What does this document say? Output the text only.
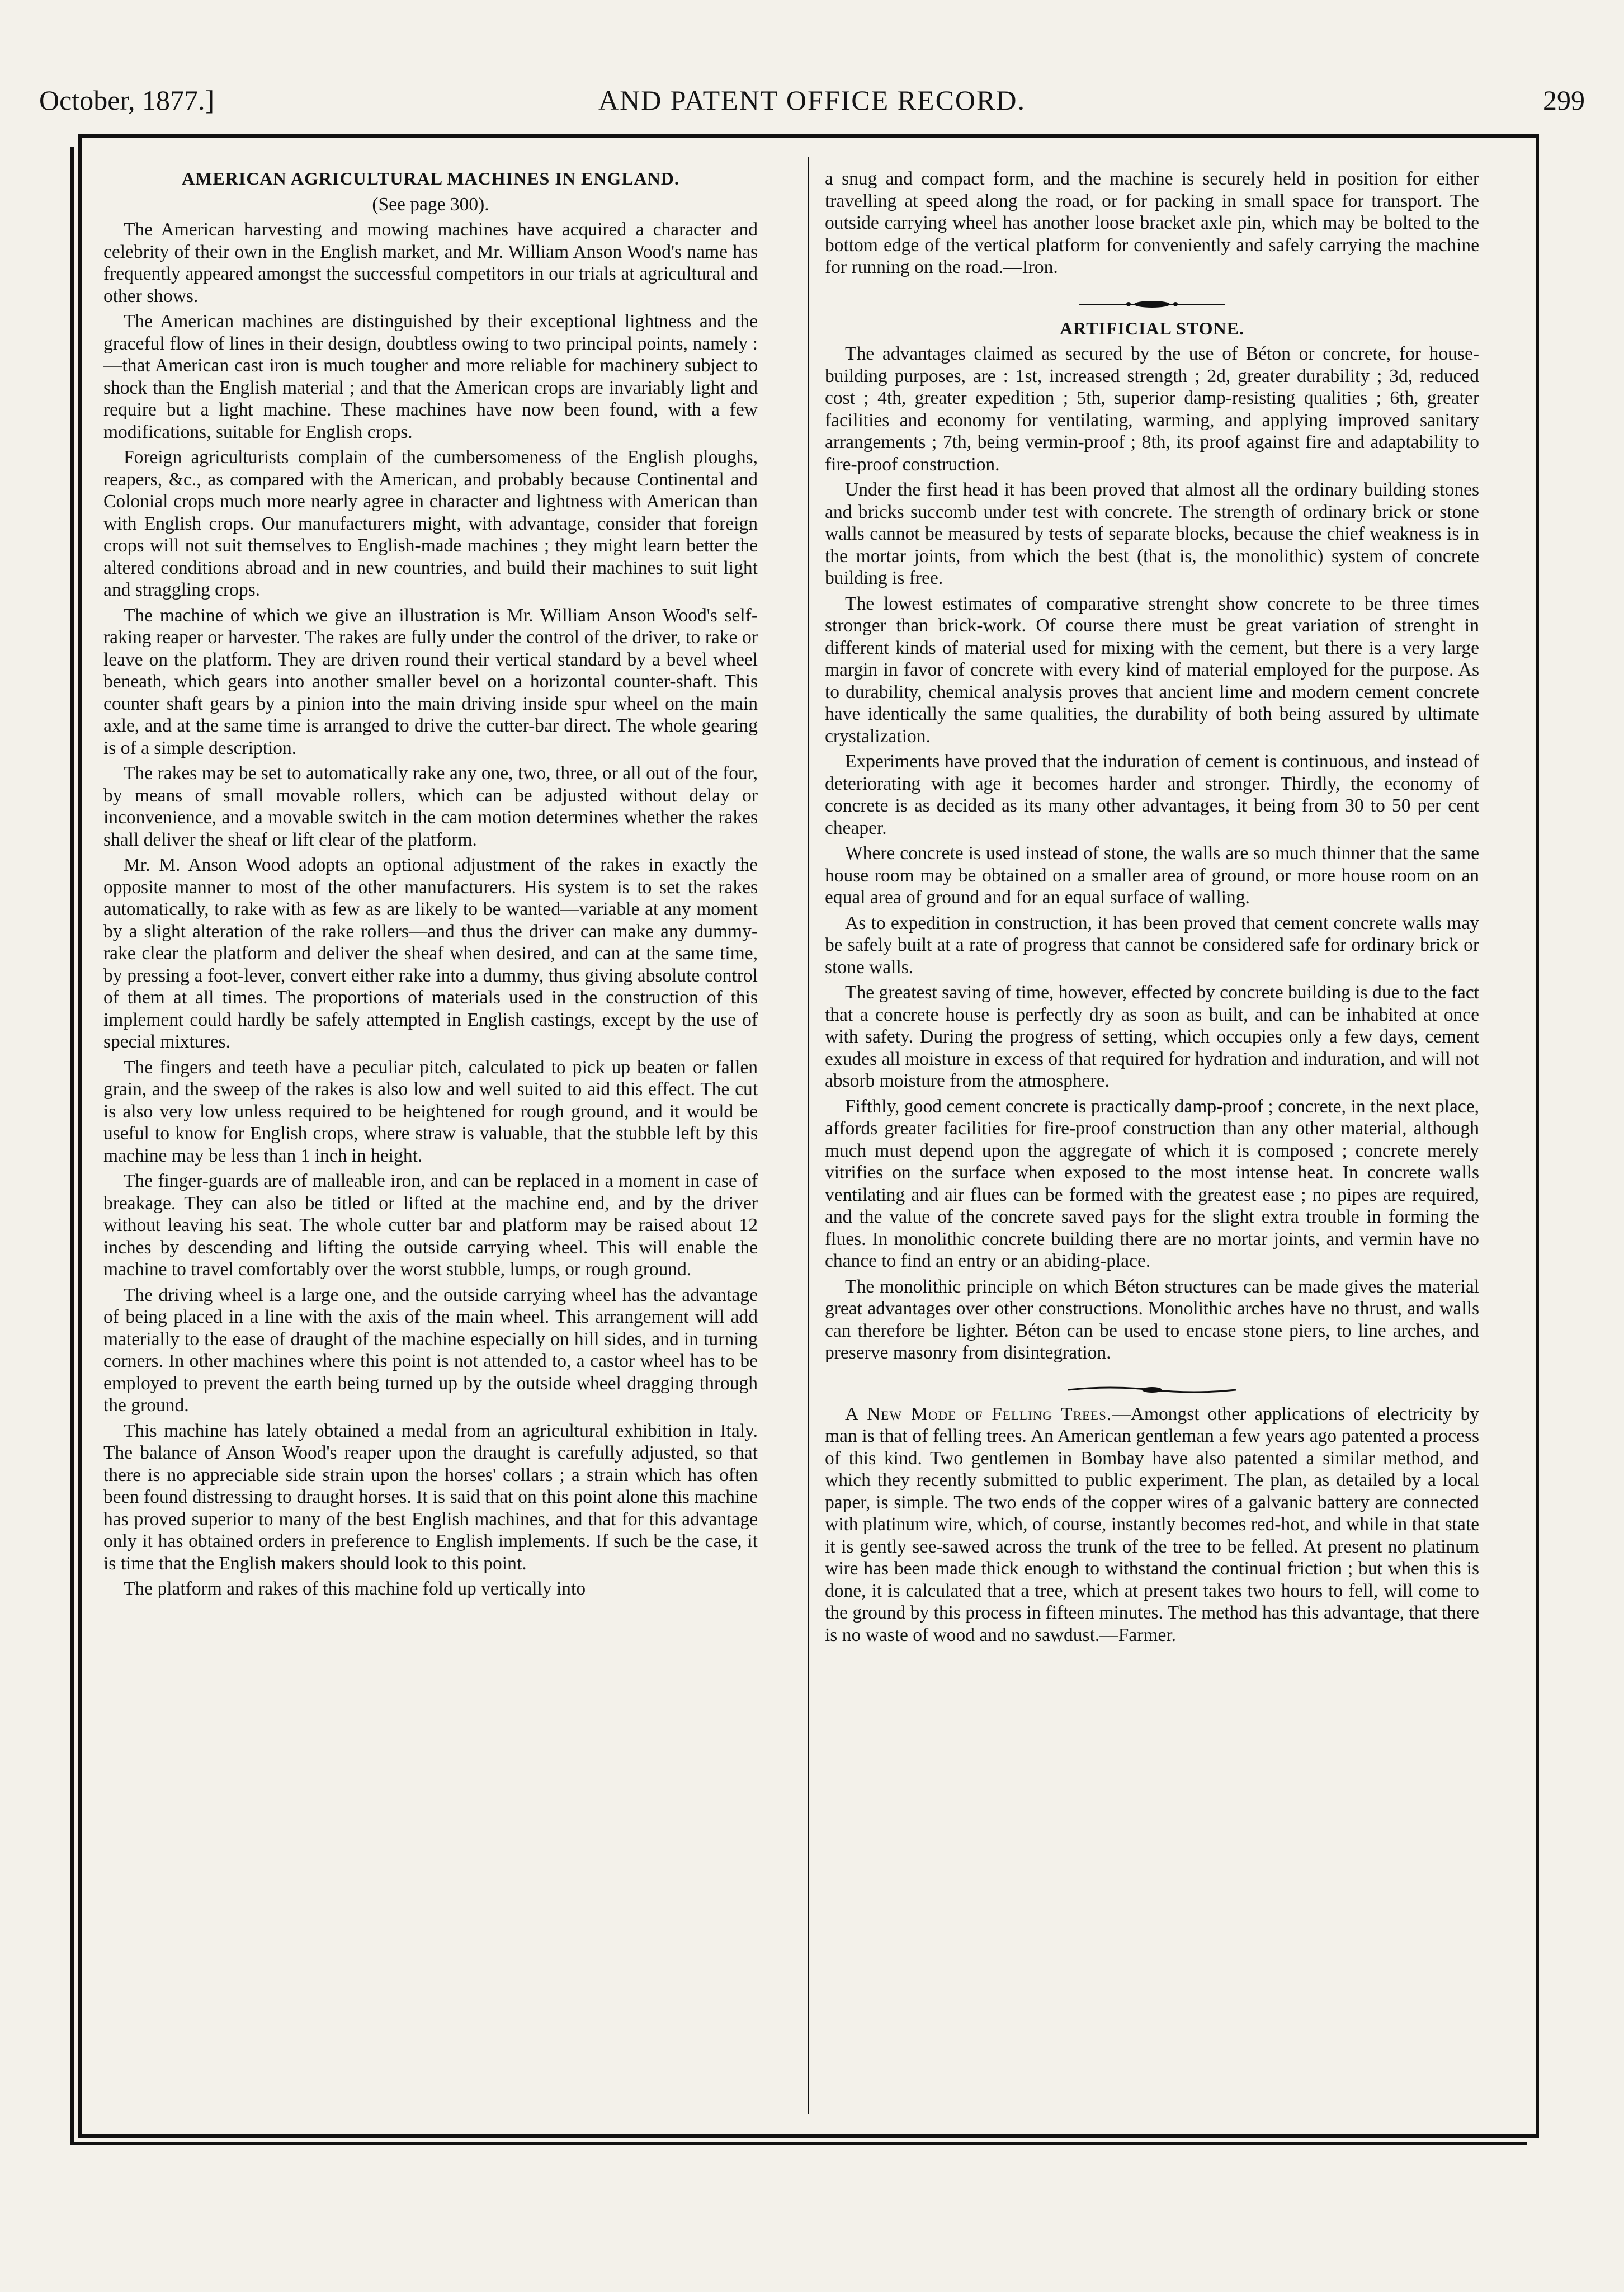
October, 1877.]	AND PATENT OFFICE RECORD.	299
AMERICAN AGRICULTURAL MACHINES IN ENGLAND.
(See page 300).

The American harvesting and mowing machines have acquired a character and celebrity of their own in the English market, and Mr. William Anson Wood's name has frequently appeared amongst the successful competitors in our trials at agricultural and other shows.

The American machines are distinguished by their exceptional lightness and the graceful flow of lines in their design, doubtless owing to two principal points, namely :—that American cast iron is much tougher and more reliable for machinery subject to shock than the English material ; and that the American crops are invariably light and require but a light machine. These machines have now been found, with a few modifications, suitable for English crops.

Foreign agriculturists complain of the cumbersomeness of the English ploughs, reapers, &c., as compared with the American, and probably because Continental and Colonial crops much more nearly agree in character and lightness with American than with English crops. Our manufacturers might, with advantage, consider that foreign crops will not suit themselves to English-made machines ; they might learn better the altered conditions abroad and in new countries, and build their machines to suit light and straggling crops.

The machine of which we give an illustration is Mr. William Anson Wood's self-raking reaper or harvester. The rakes are fully under the control of the driver, to rake or leave on the platform. They are driven round their vertical standard by a bevel wheel beneath, which gears into another smaller bevel on a horizontal counter-shaft. This counter shaft gears by a pinion into the main driving inside spur wheel on the main axle, and at the same time is arranged to drive the cutter-bar direct. The whole gearing is of a simple description.

The rakes may be set to automatically rake any one, two, three, or all out of the four, by means of small movable rollers, which can be adjusted without delay or inconvenience, and a movable switch in the cam motion determines whether the rakes shall deliver the sheaf or lift clear of the platform.

Mr. M. Anson Wood adopts an optional adjustment of the rakes in exactly the opposite manner to most of the other manufacturers. His system is to set the rakes automatically, to rake with as few as are likely to be wanted—variable at any moment by a slight alteration of the rake rollers—and thus the driver can make any dummy-rake clear the platform and deliver the sheaf when desired, and can at the same time, by pressing a foot-lever, convert either rake into a dummy, thus giving absolute control of them at all times. The proportions of materials used in the construction of this implement could hardly be safely attempted in English castings, except by the use of special mixtures.

The fingers and teeth have a peculiar pitch, calculated to pick up beaten or fallen grain, and the sweep of the rakes is also low and well suited to aid this effect. The cut is also very low unless required to be heightened for rough ground, and it would be useful to know for English crops, where straw is valuable, that the stubble left by this machine may be less than 1 inch in height.

The finger-guards are of malleable iron, and can be replaced in a moment in case of breakage. They can also be titled or lifted at the machine end, and by the driver without leaving his seat. The whole cutter bar and platform may be raised about 12 inches by descending and lifting the outside carrying wheel. This will enable the machine to travel comfortably over the worst stubble, lumps, or rough ground.

The driving wheel is a large one, and the outside carrying wheel has the advantage of being placed in a line with the axis of the main wheel. This arrangement will add materially to the ease of draught of the machine especially on hill sides, and in turning corners. In other machines where this point is not attended to, a castor wheel has to be employed to prevent the earth being turned up by the outside wheel dragging through the ground.

This machine has lately obtained a medal from an agricultural exhibition in Italy. The balance of Anson Wood's reaper upon the draught is carefully adjusted, so that there is no appreciable side strain upon the horses' collars ; a strain which has often been found distressing to draught horses. It is said that on this point alone this machine has proved superior to many of the best English machines, and that for this advantage only it has obtained orders in preference to English implements. If such be the case, it is time that the English makers should look to this point.

The platform and rakes of this machine fold up vertically into

a snug and compact form, and the machine is securely held in position for either travelling at speed along the road, or for packing in small space for transport. The outside carrying wheel has another loose bracket axle pin, which may be bolted to the bottom edge of the vertical platform for conveniently and safely carrying the machine for running on the road.—Iron.

ARTIFICIAL STONE.

The advantages claimed as secured by the use of Béton or concrete, for house-building purposes, are : 1st, increased strength ; 2d, greater durability ; 3d, reduced cost ; 4th, greater expedition ; 5th, superior damp-resisting qualities ; 6th, greater facilities and economy for ventilating, warming, and applying improved sanitary arrangements ; 7th, being vermin-proof ; 8th, its proof against fire and adaptability to fire-proof construction.

Under the first head it has been proved that almost all the ordinary building stones and bricks succomb under test with concrete. The strength of ordinary brick or stone walls cannot be measured by tests of separate blocks, because the chief weakness is in the mortar joints, from which the best (that is, the monolithic) system of concrete building is free.

The lowest estimates of comparative strenght show concrete to be three times stronger than brick-work. Of course there must be great variation of strenght in different kinds of material used for mixing with the cement, but there is a very large margin in favor of concrete with every kind of material employed for the purpose. As to durability, chemical analysis proves that ancient lime and modern cement concrete have identically the same qualities, the durability of both being assured by ultimate crystalization.

Experiments have proved that the induration of cement is continuous, and instead of deteriorating with age it becomes harder and stronger. Thirdly, the economy of concrete is as decided as its many other advantages, it being from 30 to 50 per cent cheaper.

Where concrete is used instead of stone, the walls are so much thinner that the same house room may be obtained on a smaller area of ground, or more house room on an equal area of ground and for an equal surface of walling.

As to expedition in construction, it has been proved that cement concrete walls may be safely built at a rate of progress that cannot be considered safe for ordinary brick or stone walls.

The greatest saving of time, however, effected by concrete building is due to the fact that a concrete house is perfectly dry as soon as built, and can be inhabited at once with safety. During the progress of setting, which occupies only a few days, cement exudes all moisture in excess of that required for hydration and induration, and will not absorb moisture from the atmosphere.

Fifthly, good cement concrete is practically damp-proof ; concrete, in the next place, affords greater facilities for fire-proof construction than any other material, although much must depend upon the aggregate of which it is composed ; concrete merely vitrifies on the surface when exposed to the most intense heat. In concrete walls ventilating and air flues can be formed with the greatest ease ; no pipes are required, and the value of the concrete saved pays for the slight extra trouble in forming the flues. In monolithic concrete building there are no mortar joints, and vermin have no chance to find an entry or an abiding-place.

The monolithic principle on which Béton structures can be made gives the material great advantages over other constructions. Monolithic arches have no thrust, and walls can therefore be lighter. Béton can be used to encase stone piers, to line arches, and preserve masonry from disintegration.

A New Mode of Felling Trees.—Amongst other applications of electricity by man is that of felling trees. An American gentleman a few years ago patented a process of this kind. Two gentlemen in Bombay have also patented a similar method, and which they recently submitted to public experiment. The plan, as detailed by a local paper, is simple. The two ends of the copper wires of a galvanic battery are connected with platinum wire, which, of course, instantly becomes red-hot, and while in that state it is gently see-sawed across the trunk of the tree to be felled. At present no platinum wire has been made thick enough to withstand the continual friction ; but when this is done, it is calculated that a tree, which at present takes two hours to fell, will come to the ground by this process in fifteen minutes. The method has this advantage, that there is no waste of wood and no sawdust.—Farmer.
